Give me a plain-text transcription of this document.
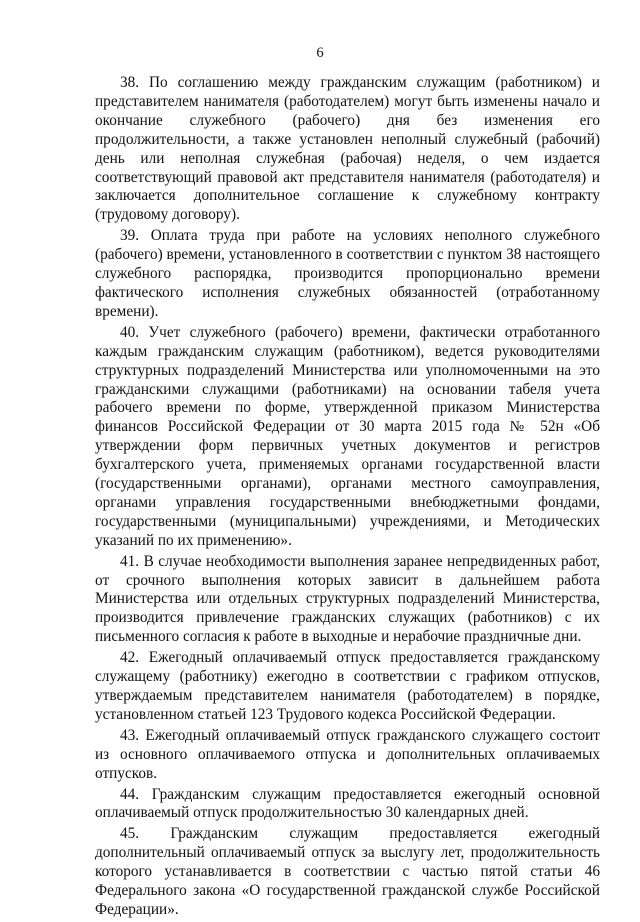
6

38. По соглашению между гражданским служащим (работником) и представителем нанимателя (работодателем) могут быть изменены начало и окончание служебного (рабочего) дня без изменения его продолжительности, а также установлен неполный служебный (рабочий) день или неполная служебная (рабочая) неделя, о чем издается соответствующий правовой акт представителя нанимателя (работодателя) и заключается дополнительное соглашение к служебному контракту (трудовому договору).

39. Оплата труда при работе на условиях неполного служебного (рабочего) времени, установленного в соответствии с пунктом 38 настоящего служебного распорядка, производится пропорционально времени фактического исполнения служебных обязанностей (отработанному времени).

40. Учет служебного (рабочего) времени, фактически отработанного каждым гражданским служащим (работником), ведется руководителями структурных подразделений Министерства или уполномоченными на это гражданскими служащими (работниками) на основании табеля учета рабочего времени по форме, утвержденной приказом Министерства финансов Российской Федерации от 30 марта 2015 года № 52н «Об утверждении форм первичных учетных документов и регистров бухгалтерского учета, применяемых органами государственной власти (государственными органами), органами местного самоуправления, органами управления государственными внебюджетными фондами, государственными (муниципальными) учреждениями, и Методических указаний по их применению».

41. В случае необходимости выполнения заранее непредвиденных работ, от срочного выполнения которых зависит в дальнейшем работа Министерства или отдельных структурных подразделений Министерства, производится привлечение гражданских служащих (работников) с их письменного согласия к работе в выходные и нерабочие праздничные дни.

42. Ежегодный оплачиваемый отпуск предоставляется гражданскому служащему (работнику) ежегодно в соответствии с графиком отпусков, утверждаемым представителем нанимателя (работодателем) в порядке, установленном статьей 123 Трудового кодекса Российской Федерации.

43. Ежегодный оплачиваемый отпуск гражданского служащего состоит из основного оплачиваемого отпуска и дополнительных оплачиваемых отпусков.

44. Гражданским служащим предоставляется ежегодный основной оплачиваемый отпуск продолжительностью 30 календарных дней.

45. Гражданским служащим предоставляется ежегодный дополнительный оплачиваемый отпуск за выслугу лет, продолжительность которого устанавливается в соответствии с частью пятой статьи 46 Федерального закона «О государственной гражданской службе Российской Федерации».
